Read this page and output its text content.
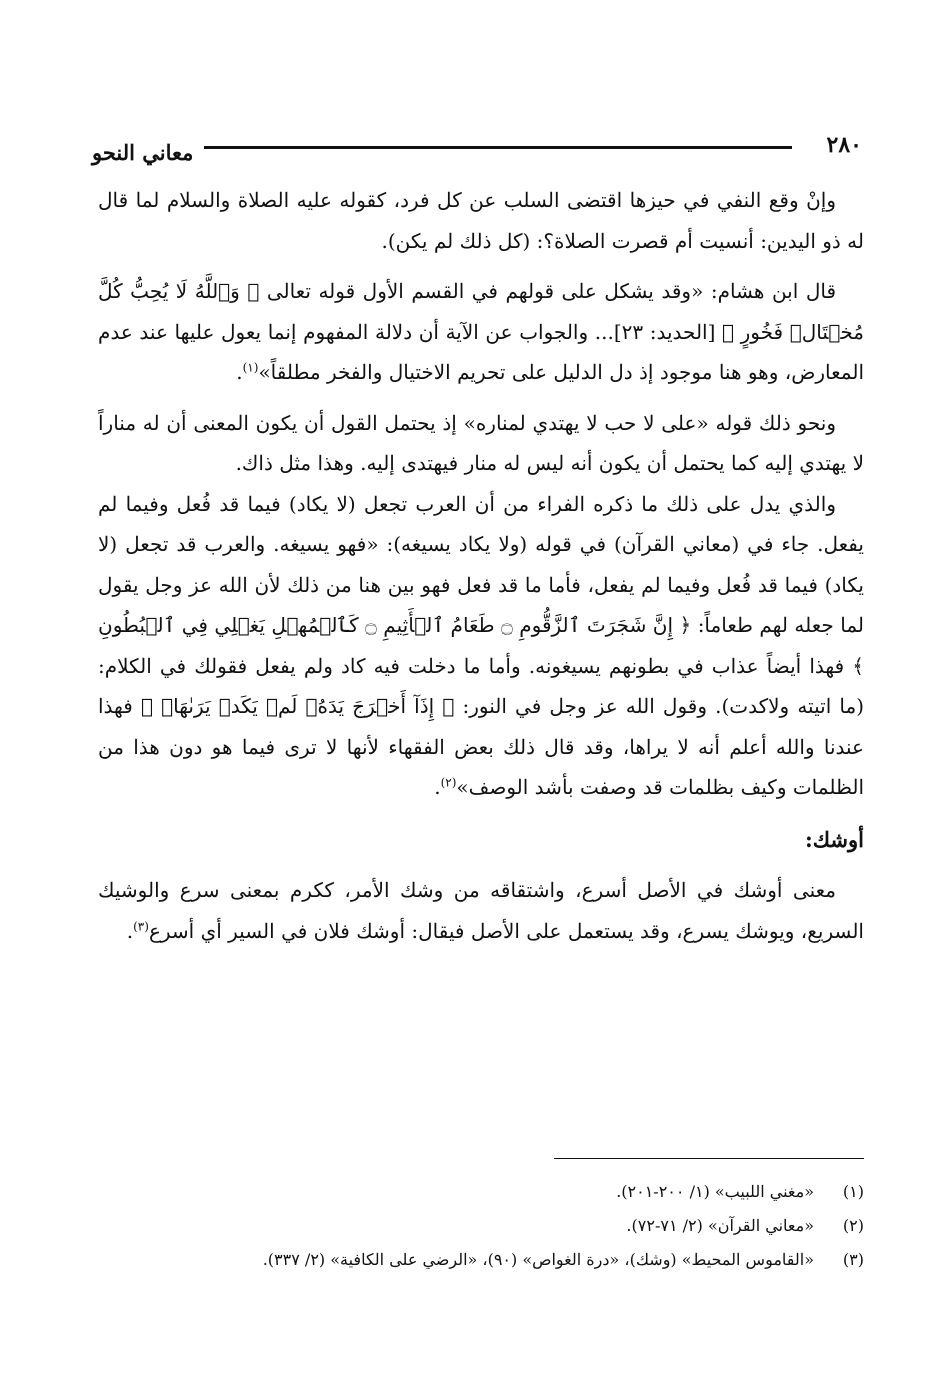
معاني النحو	٢٨٠

وإنْ وقع النفي في حيزها اقتضى السلب عن كل فرد، كقوله عليه الصلاة والسلام لما قال له ذو اليدين: أنسيت أم قصرت الصلاة؟: (كل ذلك لم يكن).

قال ابن هشام: «وقد يشكل على قولهم في القسم الأول قوله تعالى ﴿ وَٱللَّهُ لَا يُحِبُّ كُلَّ مُخۡتَالٖ فَخُورٍ ﴾ [الحديد: ٢٣]... والجواب عن الآية أن دلالة المفهوم إنما يعول عليها عند عدم المعارض، وهو هنا موجود إذ دل الدليل على تحريم الاختيال والفخر مطلقاً»$^{(١)}$.

ونحو ذلك قوله «على لا حب لا يهتدي لمناره» إذ يحتمل القول أن يكون المعنى أن له مناراً لا يهتدي إليه كما يحتمل أن يكون أنه ليس له منار فيهتدى إليه. وهذا مثل ذاك.

والذي يدل على ذلك ما ذكره الفراء من أن العرب تجعل (لا يكاد) فيما قد فُعل وفيما لم يفعل. جاء في (معاني القرآن) في قوله (ولا يكاد يسيغه): «فهو يسيغه. والعرب قد تجعل (لا يكاد) فيما قد فُعل وفيما لم يفعل، فأما ما قد فعل فهو بين هنا من ذلك لأن الله عز وجل يقول لما جعله لهم طعاماً: ﴿ إِنَّ شَجَرَتَ ٱلزَّقُّومِ ۝ طَعَامُ ٱلۡأَثِيمِ ۝ كَٱلۡمُهۡلِ يَغۡلِي فِي ٱلۡبُطُونِ ﴾ فهذا أيضاً عذاب في بطونهم يسيغونه. وأما ما دخلت فيه كاد ولم يفعل فقولك في الكلام: (ما اتيته ولاكدت). وقول الله عز وجل في النور: ﴿ إِذَآ أَخۡرَجَ يَدَهُۥ لَمۡ يَكَدۡ يَرَىٰهَاۗ ﴾ فهذا عندنا والله أعلم أنه لا يراها، وقد قال ذلك بعض الفقهاء لأنها لا ترى فيما هو دون هذا من الظلمات وكيف بظلمات قد وصفت بأشد الوصف»$^{(٢)}$.

أوشك:

معنى أوشك في الأصل أسرع، واشتقاقه من وشك الأمر، ككرم بمعنى سرع والوشيك السريع، ويوشك يسرع، وقد يستعمل على الأصل فيقال: أوشك فلان في السير أي أسرع$^{(٣)}$.

(١)
«مغني اللبيب» (١/ ٢٠٠-٢٠١).
(٢)
«معاني القرآن» (٢/ ٧١-٧٢).
(٣)
«القاموس المحيط» (وشك)، «درة الغواص» (٩٠)، «الرضي على الكافية» (٢/ ٣٣٧).
